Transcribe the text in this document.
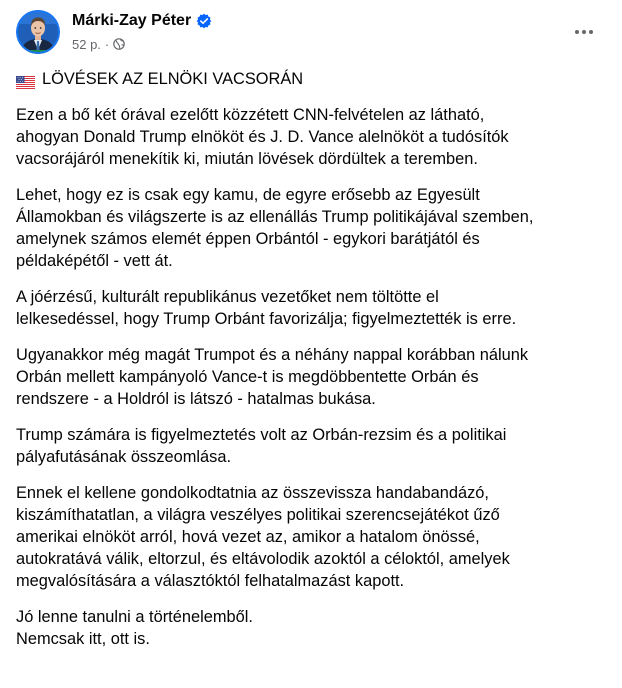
Márki-Zay Péter
52 p. ·
LÖVÉSEK AZ ELNÖKI VACSORÁN

Ezen a bő két órával ezelőtt közzétett CNN-felvételen az látható,
ahogyan Donald Trump elnököt és J. D. Vance alelnököt a tudósítók
vacsorájáról menekítik ki, miután lövések dördültek a teremben.

Lehet, hogy ez is csak egy kamu, de egyre erősebb az Egyesült
Államokban és világszerte is az ellenállás Trump politikájával szemben,
amelynek számos elemét éppen Orbántól - egykori barátjától és
példaképétől - vett át.

A jóérzésű, kulturált republikánus vezetőket nem töltötte el
lelkesedéssel, hogy Trump Orbánt favorizálja; figyelmeztették is erre.

Ugyanakkor még magát Trumpot és a néhány nappal korábban nálunk
Orbán mellett kampányoló Vance-t is megdöbbentette Orbán és
rendszere - a Holdról is látszó - hatalmas bukása.

Trump számára is figyelmeztetés volt az Orbán-rezsim és a politikai
pályafutásának összeomlása.

Ennek el kellene gondolkodtatnia az összevissza handabandázó,
kiszámíthatatlan, a világra veszélyes politikai szerencsejátékot űző
amerikai elnököt arról, hová vezet az, amikor a hatalom önössé,
autokratává válik, eltorzul, és eltávolodik azoktól a céloktól, amelyek
megvalósítására a választóktól felhatalmazást kapott.

Jó lenne tanulni a történelemből.
Nemcsak itt, ott is.
